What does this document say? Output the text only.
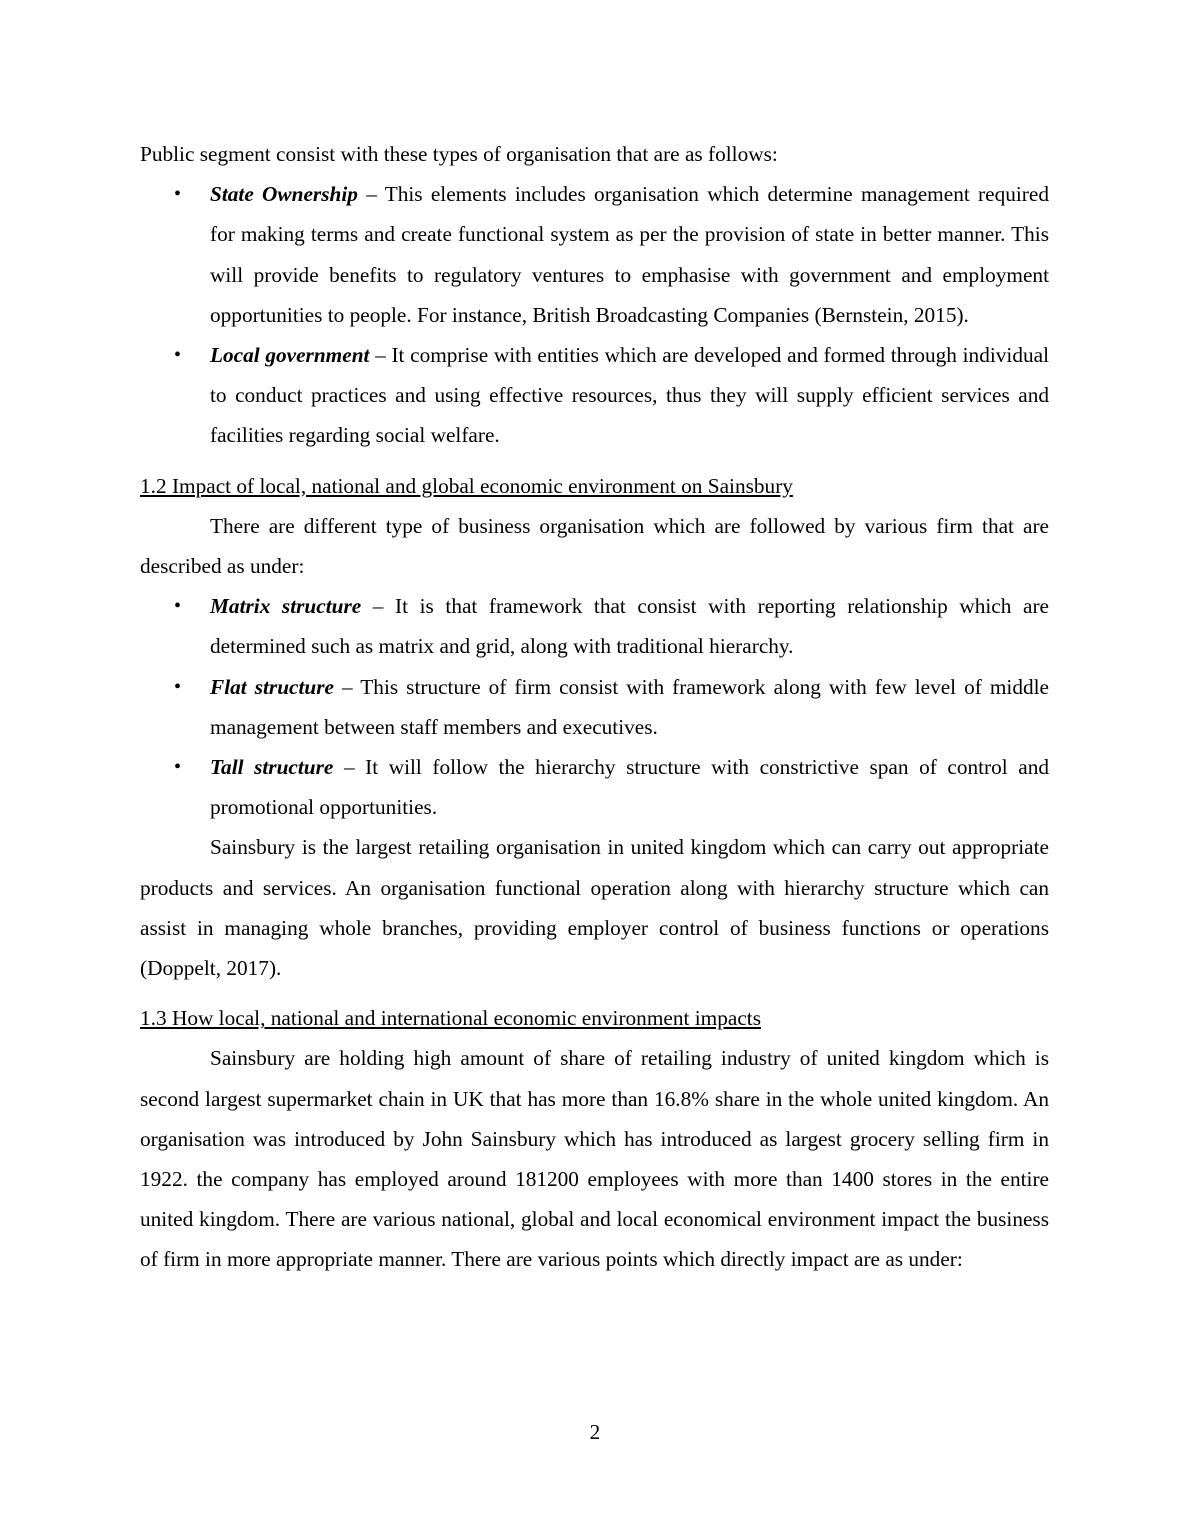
Public segment consist with these types of organisation that are as follows:

• State Ownership – This elements includes organisation which determine management required for making terms and create functional system as per the provision of state in better manner. This will provide benefits to regulatory ventures to emphasise with government and employment opportunities to people. For instance, British Broadcasting Companies (Bernstein, 2015).
• Local government – It comprise with entities which are developed and formed through individual to conduct practices and using effective resources, thus they will supply efficient services and facilities regarding social welfare.
1.2 Impact of local, national and global economic environment on Sainsbury

There are different type of business organisation which are followed by various firm that are described as under:

• Matrix structure – It is that framework that consist with reporting relationship which are determined such as matrix and grid, along with traditional hierarchy.
• Flat structure – This structure of firm consist with framework along with few level of middle management between staff members and executives.
• Tall structure – It will follow the hierarchy structure with constrictive span of control and promotional opportunities.

Sainsbury is the largest retailing organisation in united kingdom which can carry out appropriate products and services. An organisation functional operation along with hierarchy structure which can assist in managing whole branches, providing employer control of business functions or operations (Doppelt, 2017).

1.3 How local, national and international economic environment impacts

Sainsbury are holding high amount of share of retailing industry of united kingdom which is second largest supermarket chain in UK that has more than 16.8% share in the whole united kingdom. An organisation was introduced by John Sainsbury which has introduced as largest grocery selling firm in 1922. the company has employed around 181200 employees with more than 1400 stores in the entire united kingdom. There are various national, global and local economical environment impact the business of firm in more appropriate manner. There are various points which directly impact are as under:

2
